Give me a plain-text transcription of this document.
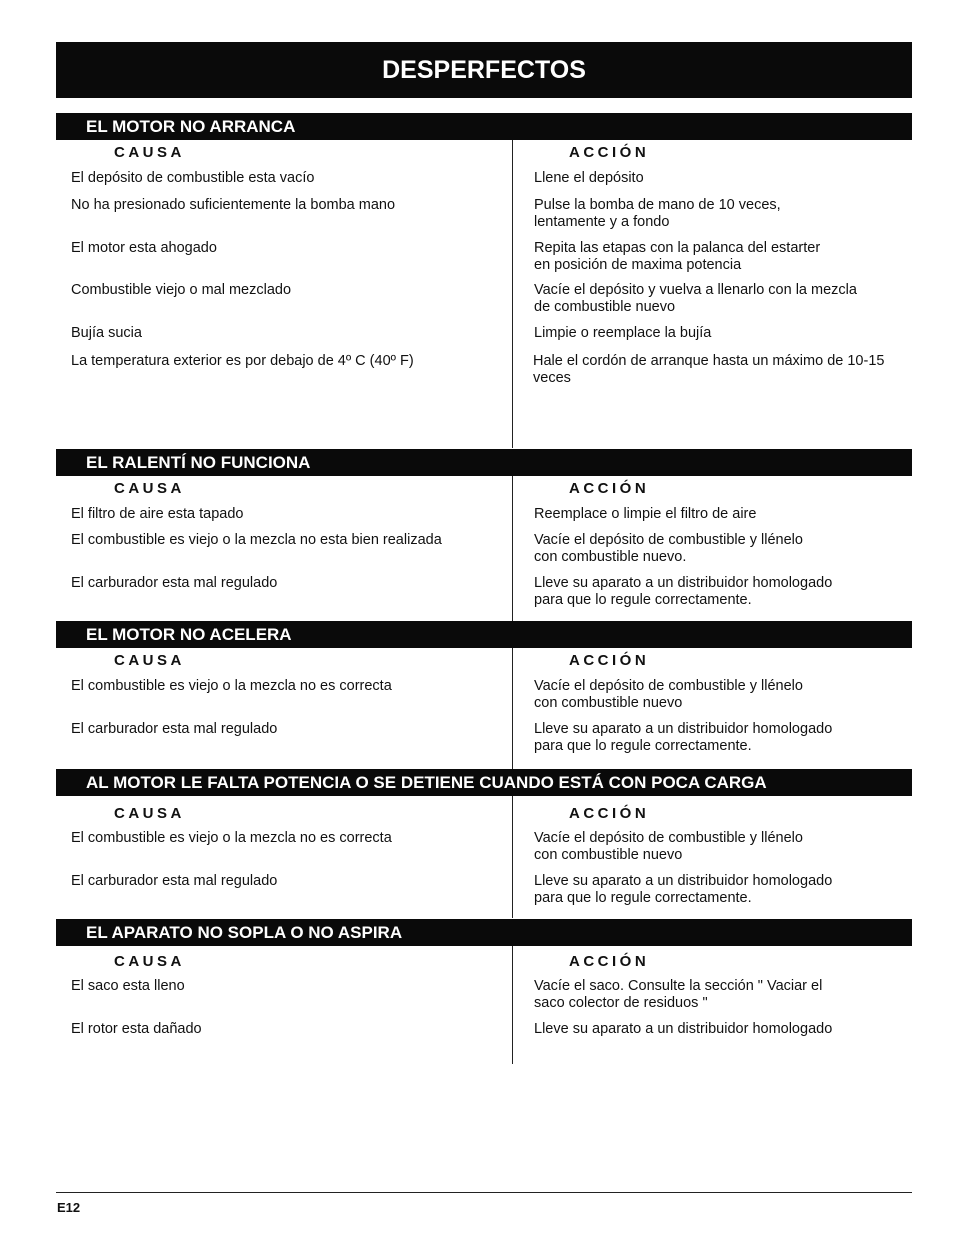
DESPERFECTOS
EL MOTOR NO ARRANCA
CAUSA	ACCIÓN
El depósito de combustible esta vacío	Llene el depósito
No ha presionado suficientemente la bomba mano	Pulse la bomba de mano de 10 veces,
lentamente y a fondo
El motor esta ahogado	Repita las etapas con la palanca del estarter
en posición de maxima potencia
Combustible viejo o mal mezclado	Vacíe el depósito y vuelva a llenarlo con la mezcla
de combustible nuevo
Bujía sucia	Limpie o reemplace la bujía
La temperatura exterior es por debajo de 4º C (40º F)	Hale el cordón de arranque hasta un máximo de 10-15
veces
EL RALENTÍ NO FUNCIONA
CAUSA	ACCIÓN
El filtro de aire esta tapado	Reemplace o limpie el filtro de aire
El combustible es viejo o la mezcla no esta bien realizada	Vacíe el depósito de combustible y llénelo
con combustible nuevo.
El carburador esta mal regulado	Lleve su aparato a un distribuidor homologado
para que lo regule correctamente.
EL MOTOR NO ACELERA
CAUSA	ACCIÓN
El combustible es viejo o la mezcla no es correcta	Vacíe el depósito de combustible y llénelo
con combustible nuevo
El carburador esta mal regulado	Lleve su aparato a un distribuidor homologado
para que lo regule correctamente.
AL MOTOR LE FALTA POTENCIA O SE DETIENE CUANDO ESTÁ CON POCA CARGA
CAUSA	ACCIÓN
El combustible es viejo o la mezcla no es correcta	Vacíe el depósito de combustible y llénelo
con combustible nuevo
El carburador esta mal regulado	Lleve su aparato a un distribuidor homologado
para que lo regule correctamente.
EL APARATO NO SOPLA O NO ASPIRA
CAUSA	ACCIÓN
El saco esta lleno	Vacíe el saco. Consulte la sección " Vaciar el
saco colector de residuos "
El rotor esta dañado	Lleve su aparato a un distribuidor homologado
E12
